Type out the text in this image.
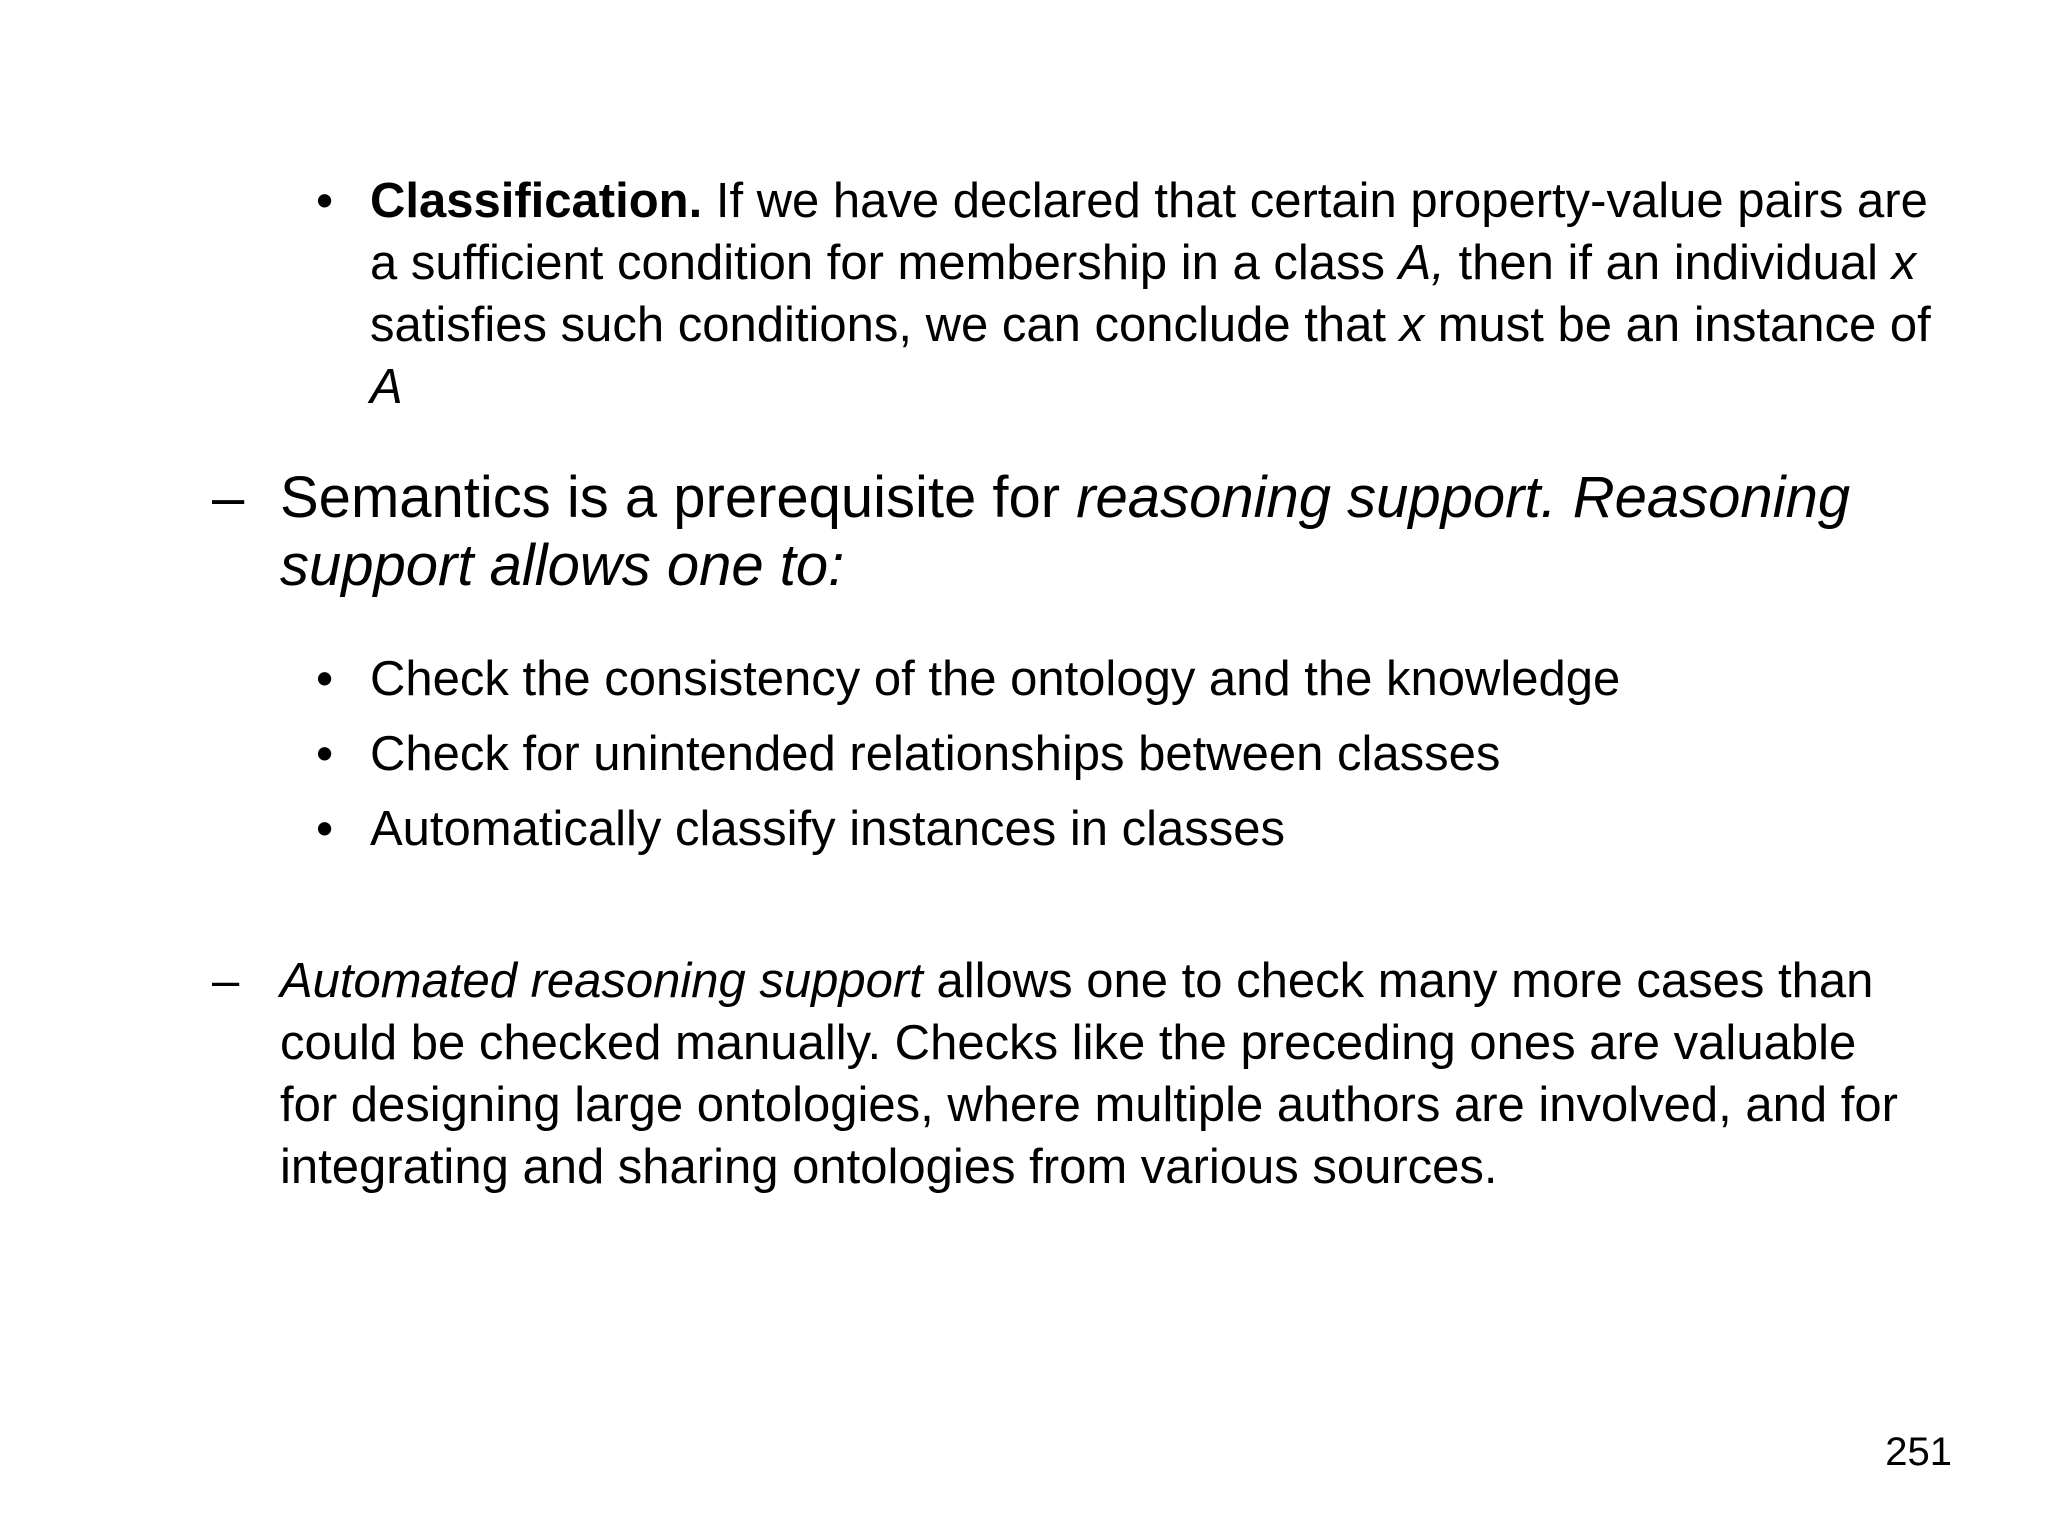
• Classification. If we have declared that certain property-value pairs are a sufficient condition for membership in a class A, then if an individual x satisfies such conditions, we can conclude that x must be an instance of A
– Semantics is a prerequisite for reasoning support. Reasoning support allows one to:
• Check the consistency of the ontology and the knowledge
• Check for unintended relationships between classes
• Automatically classify instances in classes
– Automated reasoning support allows one to check many more cases than could be checked manually. Checks like the preceding ones are valuable for designing large ontologies, where multiple authors are involved, and for integrating and sharing ontologies from various sources.
251
